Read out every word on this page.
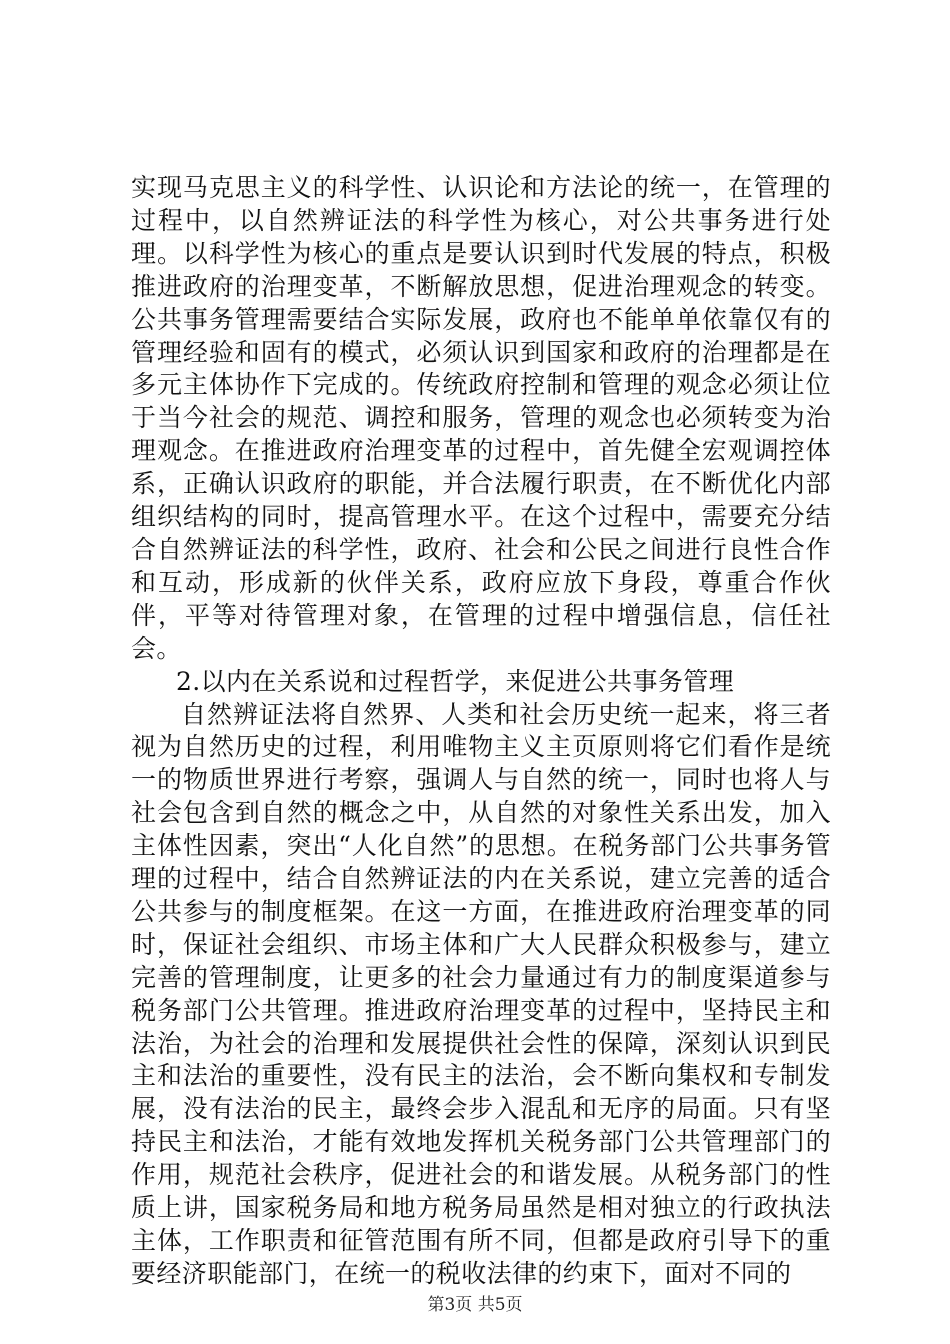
实现马克思主义的科学性、认识论和方法论的统一，在管理的过程中，以自然辨证法的科学性为核心，对公共事务进行处理。以科学性为核心的重点是要认识到时代发展的特点，积极推进政府的治理变革，不断解放思想，促进治理观念的转变。公共事务管理需要结合实际发展，政府也不能单单依靠仅有的管理经验和固有的模式，必须认识到国家和政府的治理都是在多元主体协作下完成的。传统政府控制和管理的观念必须让位于当今社会的规范、调控和服务，管理的观念也必须转变为治理观念。在推进政府治理变革的过程中，首先健全宏观调控体系，正确认识政府的职能，并合法履行职责，在不断优化内部组织结构的同时，提高管理水平。在这个过程中，需要充分结合自然辨证法的科学性，政府、社会和公民之间进行良性合作和互动，形成新的伙伴关系，政府应放下身段，尊重合作伙伴，平等对待管理对象，在管理的过程中增强信息，信任社会。

2.以内在关系说和过程哲学，来促进公共事务管理

自然辨证法将自然界、人类和社会历史统一起来，将三者视为自然历史的过程，利用唯物主义主页原则将它们看作是统一的物质世界进行考察，强调人与自然的统一，同时也将人与社会包含到自然的概念之中，从自然的对象性关系出发，加入主体性因素，突出“人化自然”的思想。在税务部门公共事务管理的过程中，结合自然辨证法的内在关系说，建立完善的适合公共参与的制度框架。在这一方面，在推进政府治理变革的同时，保证社会组织、市场主体和广大人民群众积极参与，建立完善的管理制度，让更多的社会力量通过有力的制度渠道参与税务部门公共管理。推进政府治理变革的过程中，坚持民主和法治，为社会的治理和发展提供社会性的保障，深刻认识到民主和法治的重要性，没有民主的法治，会不断向集权和专制发展，没有法治的民主，最终会步入混乱和无序的局面。只有坚持民主和法治，才能有效地发挥机关税务部门公共管理部门的作用，规范社会秩序，促进社会的和谐发展。从税务部门的性质上讲，国家税务局和地方税务局虽然是相对独立的行政执法主体，工作职责和征管范围有所不同，但都是政府引导下的重要经济职能部门，在统一的税收法律的约束下，面对不同的

第3页 共5页
